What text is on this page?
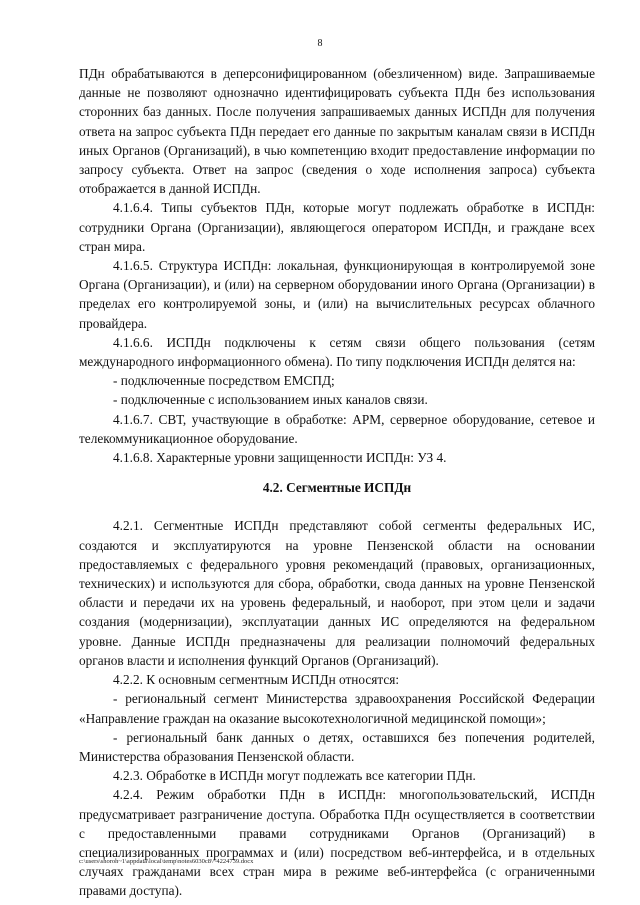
8

ПДн обрабатываются в деперсонифицированном (обезличенном) виде. Запрашиваемые данные не позволяют однозначно идентифицировать субъекта ПДн без использования сторонних баз данных. После получения запрашиваемых данных ИСПДн для получения ответа на запрос субъекта ПДн передает его данные по закрытым каналам связи в ИСПДн иных Органов (Организаций), в чью компетенцию входит предоставление информации по запросу субъекта. Ответ на запрос (сведения о ходе исполнения запроса) субъекта отображается в данной ИСПДн.

4.1.6.4. Типы субъектов ПДн, которые могут подлежать обработке в ИСПДн: сотрудники Органа (Организации), являющегося оператором ИСПДн, и граждане всех стран мира.

4.1.6.5. Структура ИСПДн: локальная, функционирующая в контролируемой зоне Органа (Организации), и (или) на серверном оборудовании иного Органа (Организации) в пределах его контролируемой зоны, и (или) на вычислительных ресурсах облачного провайдера.

4.1.6.6. ИСПДн подключены к сетям связи общего пользования (сетям международного информационного обмена). По типу подключения ИСПДн делятся на:

- подключенные посредством ЕМСПД;

- подключенные с использованием иных каналов связи.

4.1.6.7. СВТ, участвующие в обработке: АРМ, серверное оборудование, сетевое и телекоммуникационное оборудование.

4.1.6.8. Характерные уровни защищенности ИСПДн: УЗ 4.

4.2. Сегментные ИСПДн

4.2.1. Сегментные ИСПДн представляют собой сегменты федеральных ИС, создаются и эксплуатируются на уровне Пензенской области на основании предоставляемых с федерального уровня рекомендаций (правовых, организационных, технических) и используются для сбора, обработки, свода данных на уровне Пензенской области и передачи их на уровень федеральный, и наоборот, при этом цели и задачи создания (модернизации), эксплуатации данных ИС определяются на федеральном уровне. Данные ИСПДн предназначены для реализации полномочий федеральных органов власти и исполнения функций Органов (Организаций).

4.2.2. К основным сегментным ИСПДн относятся:

- региональный сегмент Министерства здравоохранения Российской Федерации «Направление граждан на оказание высокотехнологичной медицинской помощи»;

- региональный банк данных о детях, оставшихся без попечения родителей, Министерства образования Пензенской области.

4.2.3. Обработке в ИСПДн могут подлежать все категории ПДн.

4.2.4. Режим обработки ПДн в ИСПДн: многопользовательский, ИСПДн предусматривает разграничение доступа. Обработка ПДн осуществляется в соответствии с предоставленными правами сотрудниками Органов (Организаций) в специализированных программах и (или) посредством веб-интерфейса, и в отдельных случаях гражданами всех стран мира в режиме веб-интерфейса (с ограниченными правами доступа).

c:\users\shoroh~1\appdata\local\temp\notes6030c8\~4224739.docx
